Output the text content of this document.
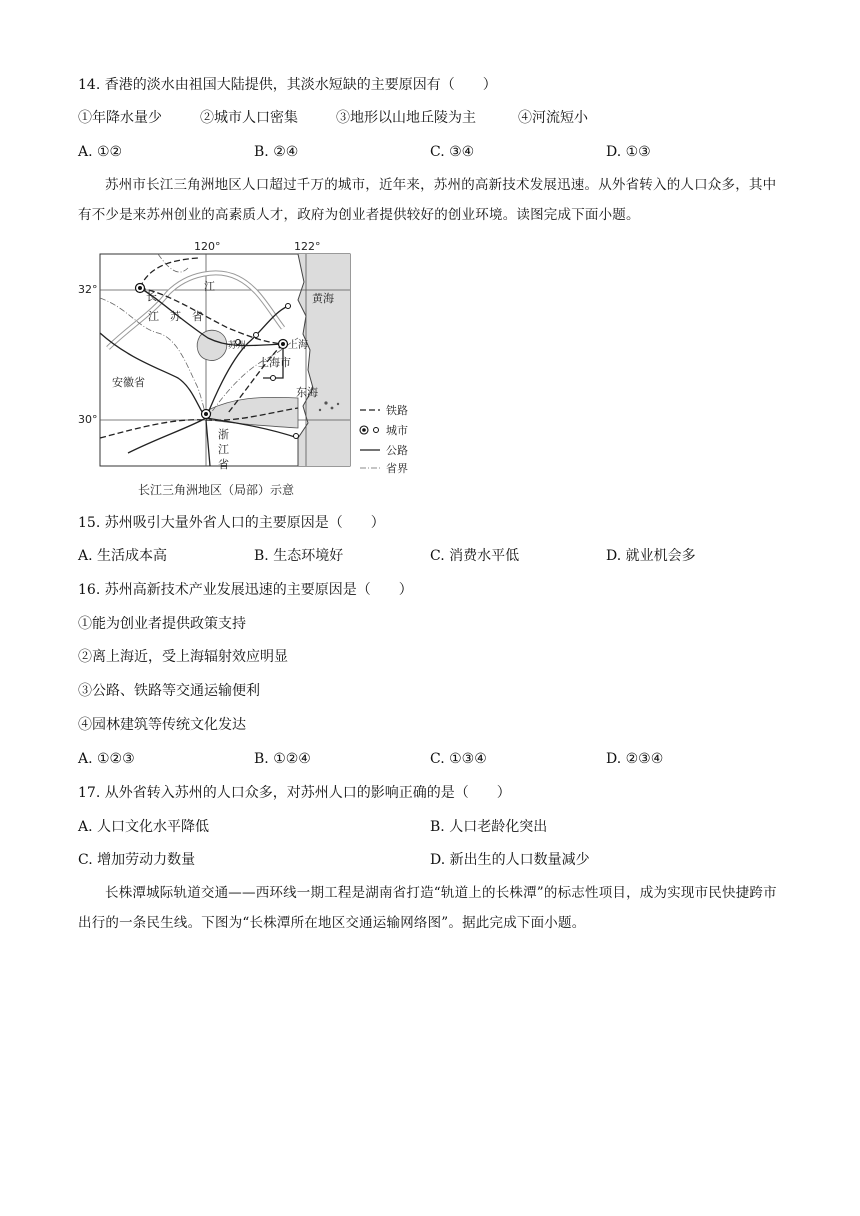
14. 香港的淡水由祖国大陆提供，其淡水短缺的主要原因有（　　）
①年降水量少	②城市人口密集	③地形以山地丘陵为主	④河流短小
A. ①②	B. ②④	C. ③④	D. ①③
苏州市长江三角洲地区人口超过千万的城市，近年来，苏州的高新技术发展迅速。从外省转入的人口众多，其中有不少是来苏州创业的高素质人才，政府为创业者提供较好的创业环境。读图完成下面小题。
120°	122°
32°
30°
长
江
江　苏　省
苏州	上海
上海市
安徽省
黄海
东海
浙
江
省
铁路
城市
公路
省界
长江三角洲地区（局部）示意
15. 苏州吸引大量外省人口的主要原因是（　　）
A. 生活成本高	B. 生态环境好	C. 消费水平低	D. 就业机会多
16. 苏州高新技术产业发展迅速的主要原因是（　　）
①能为创业者提供政策支持
②离上海近，受上海辐射效应明显
③公路、铁路等交通运输便利
④园林建筑等传统文化发达
A. ①②③	B. ①②④	C. ①③④	D. ②③④
17. 从外省转入苏州的人口众多，对苏州人口的影响正确的是（　　）
A. 人口文化水平降低	B. 人口老龄化突出
C. 增加劳动力数量	D. 新出生的人口数量减少
长株潭城际轨道交通——西环线一期工程是湖南省打造“轨道上的长株潭”的标志性项目，成为实现市民快捷跨市出行的一条民生线。下图为“长株潭所在地区交通运输网络图”。据此完成下面小题。
